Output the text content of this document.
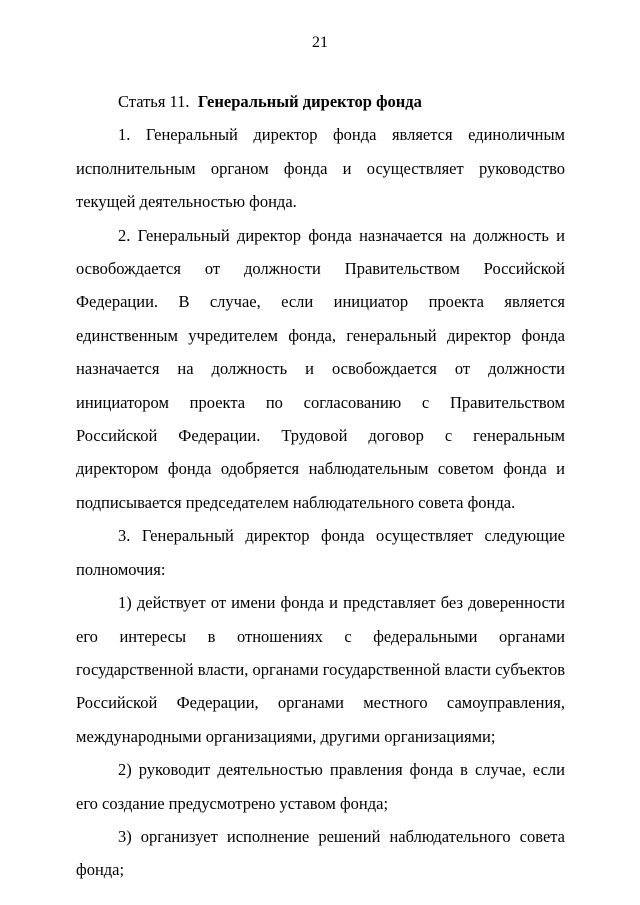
21
Статья 11. Генеральный директор фонда

1. Генеральный директор фонда является единоличным исполнительным органом фонда и осуществляет руководство текущей деятельностью фонда.

2. Генеральный директор фонда назначается на должность и освобождается от должности Правительством Российской Федерации. В случае, если инициатор проекта является единственным учредителем фонда, генеральный директор фонда назначается на должность и освобождается от должности инициатором проекта по согласованию с Правительством Российской Федерации. Трудовой договор с генеральным директором фонда одобряется наблюдательным советом фонда и подписывается председателем наблюдательного совета фонда.

3. Генеральный директор фонда осуществляет следующие полномочия:

1) действует от имени фонда и представляет без доверенности его интересы в отношениях с федеральными органами государственной власти, органами государственной власти субъектов Российской Федерации, органами местного самоуправления, международными организациями, другими организациями;

2) руководит деятельностью правления фонда в случае, если его создание предусмотрено уставом фонда;

3) организует исполнение решений наблюдательного совета фонда;
